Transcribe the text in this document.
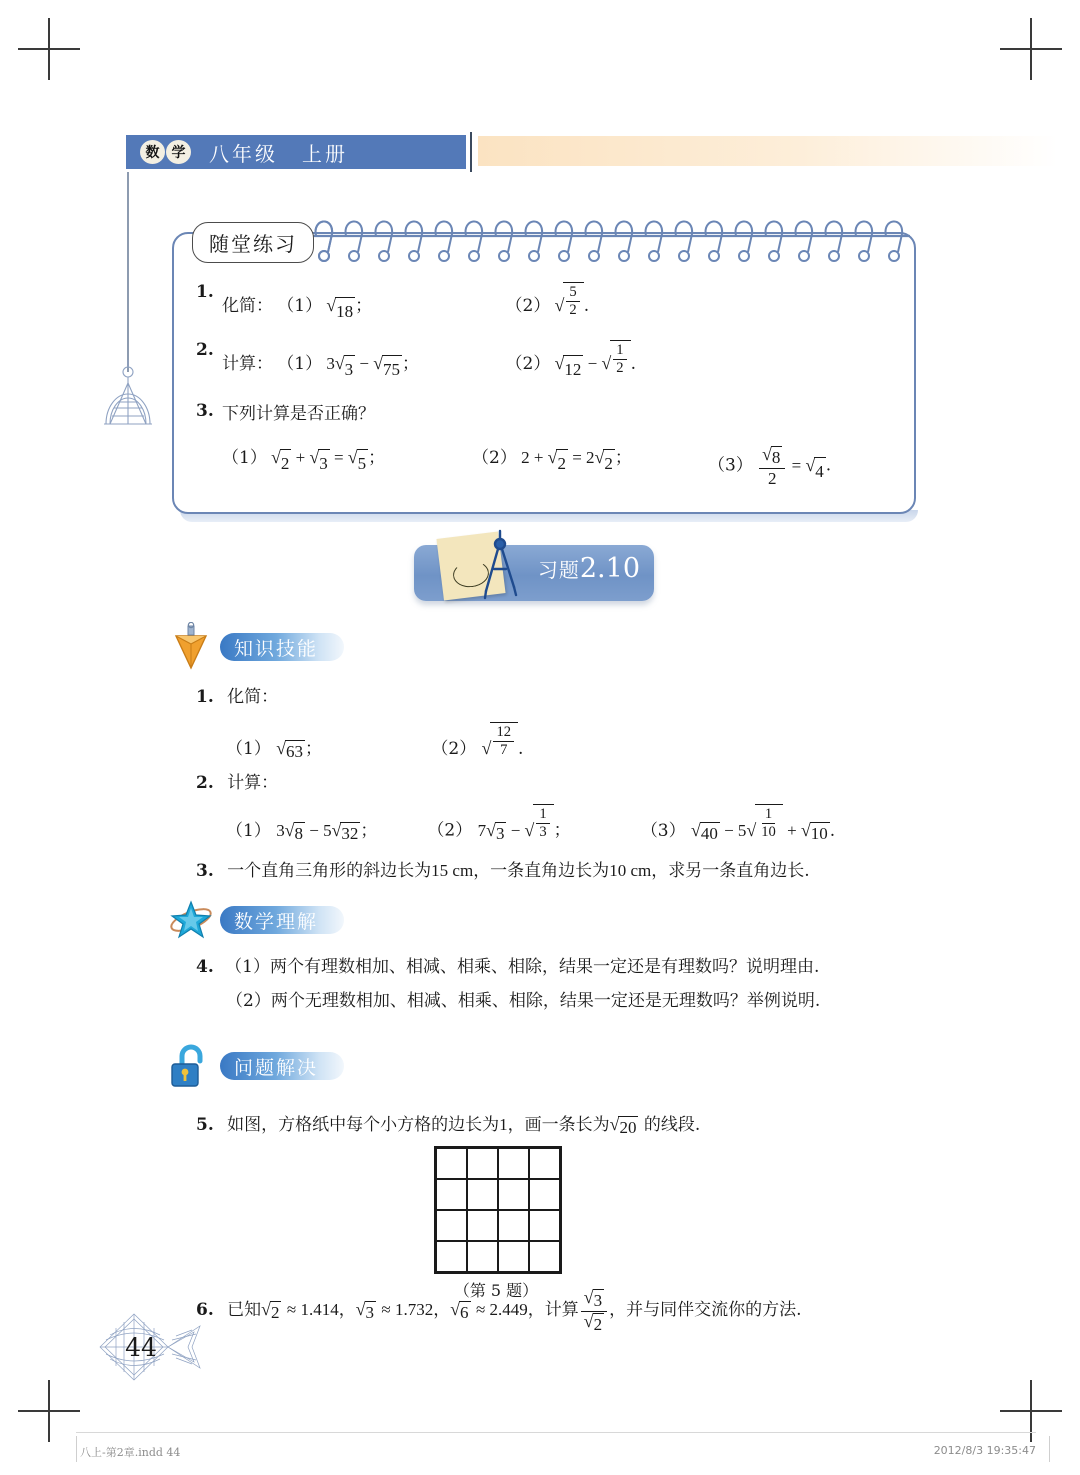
数 学 八年级 上册
随堂练习
1.
化简： （1） √ 18 ；	（2） √ $\frac{5}{2}$ .
2.
计算： （1） 3 √ 3 − √ 75 ；	（2） √ 12 − √ $\frac{1}{2}$ .
3. 下列计算是否正确？
（1） √ 2 + √ 3 = √ 5 ；	（2） 2 + √ 2 = 2 √ 2 ；	$(3) \frac{√ 8}{2}$ = √ 4 .
习题2.10
知识技能
1. 化简：
（1） √ 63 ；	（2） √ $\frac{12}{7}$ .
2. 计算：
（1） 3 √ 8 − 5 √ 32 ；	（2） 7 √ 3 − √ $\frac{1}{3}$ ；	（3） √ 40 − 5 √ $\frac{1}{10}$ + √ 10 .
3. 一个直角三角形的斜边长为15 cm，一条直角边长为10 cm，求另一条直角边长.
数学理解
4. （1）两个有理数相加、相减、相乘、相除，结果一定还是有理数吗？说明理由.
（2）两个无理数相加、相减、相乘、相除，结果一定还是无理数吗？举例说明.
问题解决
5. 如图，方格纸中每个小方格的边长为1，画一条长为 √ 20 的线段.
（第 5 题）
6. 已知 √ 2 ≈ 1.414， √ 3 ≈ 1.732， √ 6 ≈ 2.449，计算 $\frac{√ 3}{√ 2}$ ，并与同伴交流你的方法.
44
八上-第2章.indd 44	2012/8/3 19:35:47
